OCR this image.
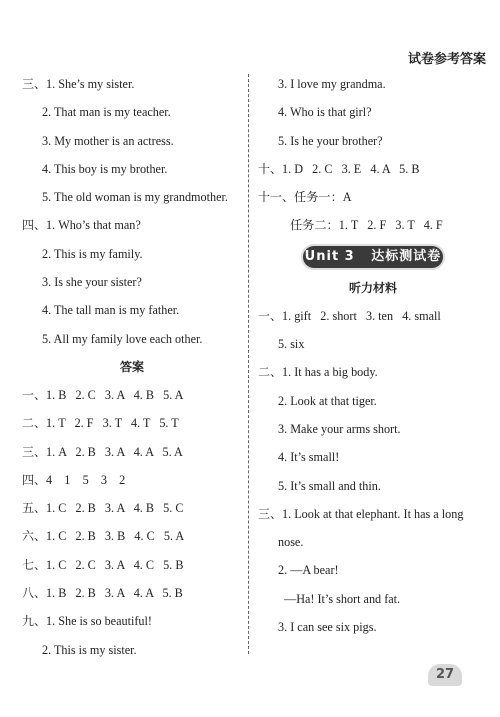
试卷参考答案
三、1. She’s my sister.
2. That man is my teacher.
3. My mother is an actress.
4. This boy is my brother.
5. The old woman is my grandmother.
四、1. Who’s that man?
2. This is my family.
3. Is she your sister?
4. The tall man is my father.
5. All my family love each other.
答案
一、1. B   2. C   3. A   4. B   5. A
二、1. T   2. F   3. T   4. T   5. T
三、1. A   2. B   3. A   4. A   5. A
四、4    1    5    3    2
五、1. C   2. B   3. A   4. B   5. C
六、1. C   2. B   3. B   4. C   5. A
七、1. C   2. C   3. A   4. C   5. B
八、1. B   2. B   3. A   4. A   5. B
九、1. She is so beautiful!
2. This is my sister.
3. I love my grandma.
4. Who is that girl?
5. Is he your brother?
十、1. D   2. C   3. E   4. A   5. B
十一、任务一：A
任务二：1. T   2. F   3. T   4. F
Unit 3   达标测试卷
听力材料
一、1. gift   2. short   3. ten   4. small
5. six
二、1. It has a big body.
2. Look at that tiger.
3. Make your arms short.
4. It’s small!
5. It’s small and thin.
三、1. Look at that elephant. It has a long
nose.
2. —A bear!
—Ha! It’s short and fat.
3. I can see six pigs.
27
